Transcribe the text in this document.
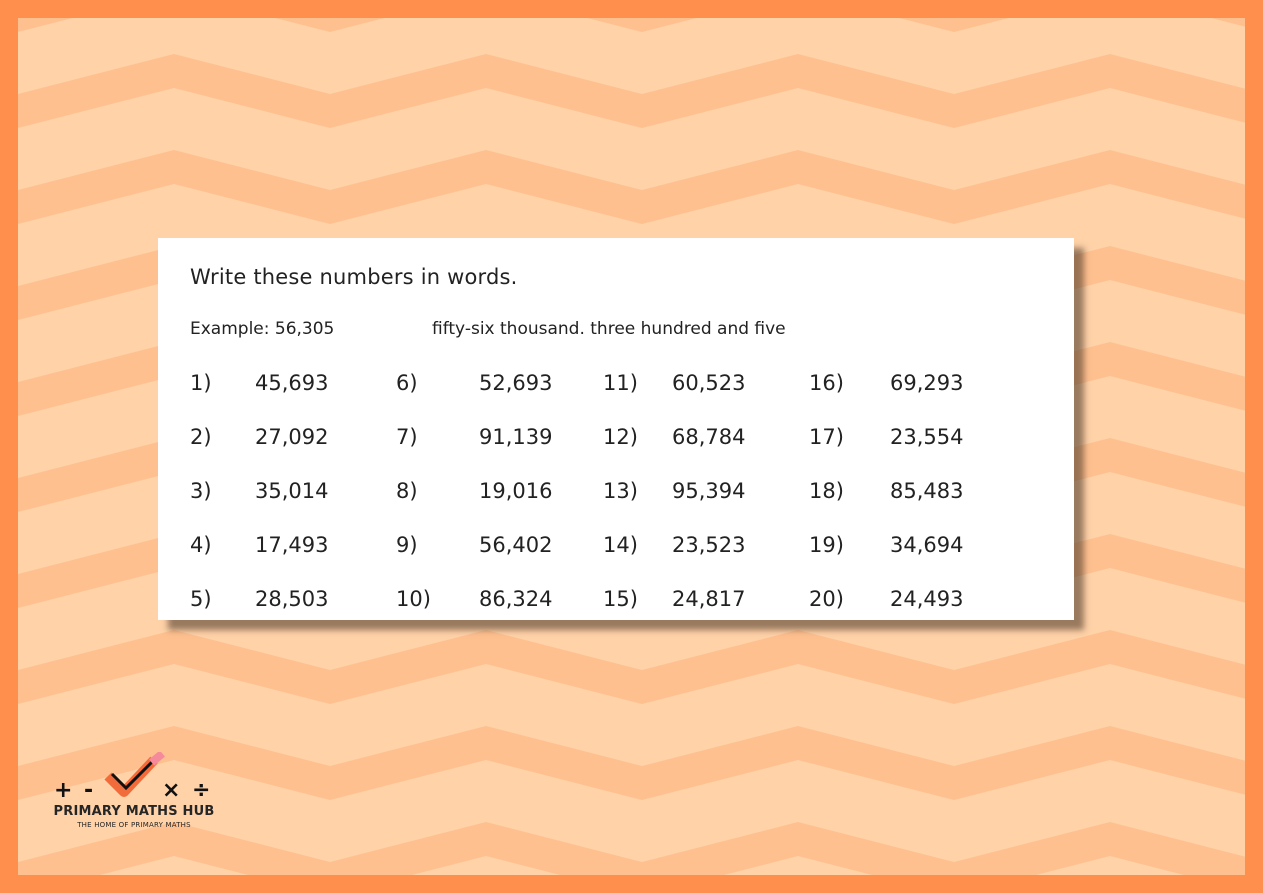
Write these numbers in words.
Example: 56,305	fifty-six thousand. three hundred and five
1) 45,693
2) 27,092
3) 35,014
4) 17,493
5) 28,503
6)	52,693
7)	91,139
8)	19,016
9)	56,402
10) 86,324
11) 60,523
12) 68,784
13) 95,394
14) 23,523
15) 24,817
16) 69,293
17) 23,554
18) 85,483
19) 34,694
20) 24,493
+ -	× ÷
PRIMARY MATHS HUB
THE HOME OF PRIMARY MATHS
